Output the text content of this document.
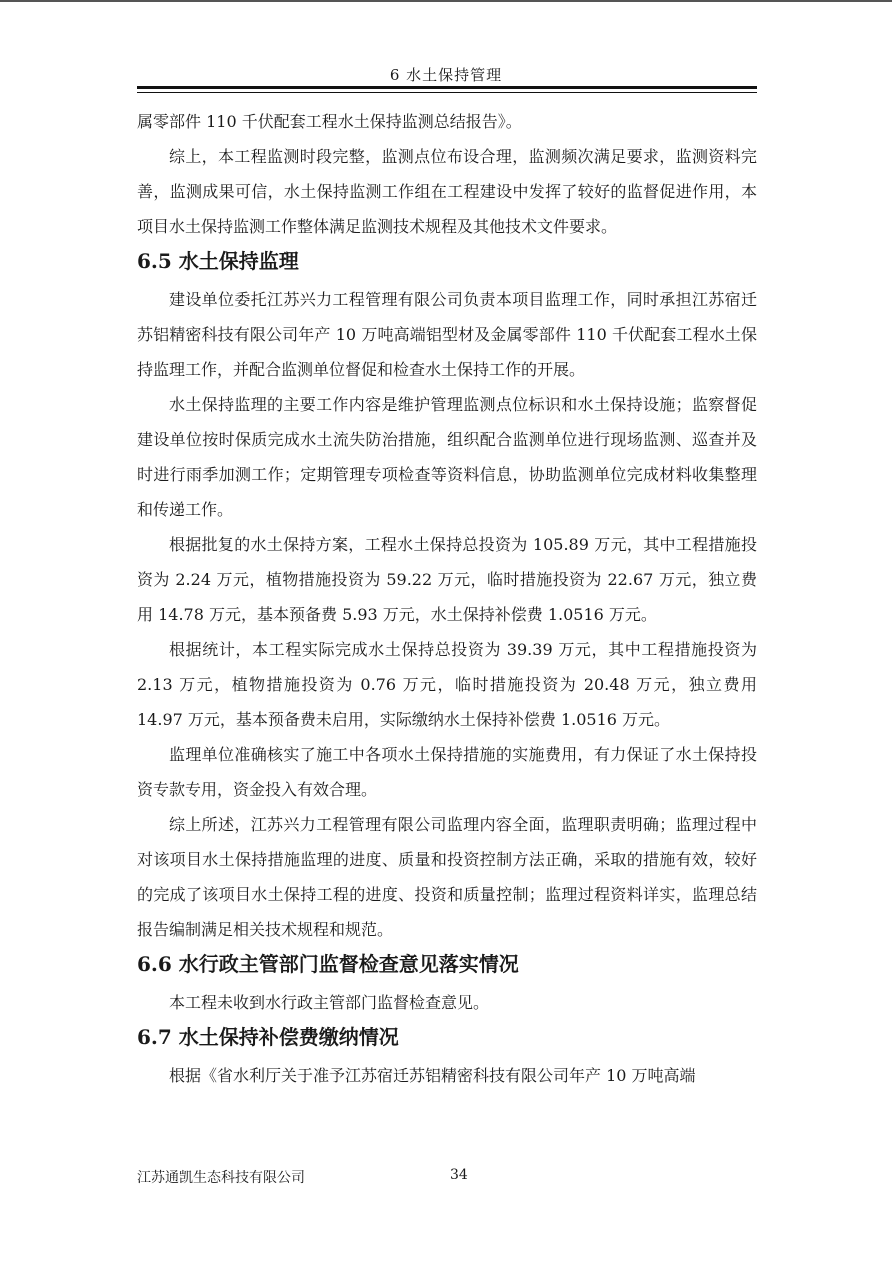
6 水土保持管理

属零部件 110 千伏配套工程水土保持监测总结报告》。

综上，本工程监测时段完整，监测点位布设合理，监测频次满足要求，监测资料完善，监测成果可信，水土保持监测工作组在工程建设中发挥了较好的监督促进作用，本项目水土保持监测工作整体满足监测技术规程及其他技术文件要求。

6.5 水土保持监理

建设单位委托江苏兴力工程管理有限公司负责本项目监理工作，同时承担江苏宿迁苏铝精密科技有限公司年产 10 万吨高端铝型材及金属零部件 110 千伏配套工程水土保持监理工作，并配合监测单位督促和检查水土保持工作的开展。

水土保持监理的主要工作内容是维护管理监测点位标识和水土保持设施；监察督促建设单位按时保质完成水土流失防治措施，组织配合监测单位进行现场监测、巡查并及时进行雨季加测工作；定期管理专项检查等资料信息，协助监测单位完成材料收集整理和传递工作。

根据批复的水土保持方案，工程水土保持总投资为 105.89 万元，其中工程措施投资为 2.24 万元，植物措施投资为 59.22 万元，临时措施投资为 22.67 万元，独立费用 14.78 万元，基本预备费 5.93 万元，水土保持补偿费 1.0516 万元。

根据统计，本工程实际完成水土保持总投资为 39.39 万元，其中工程措施投资为 2.13 万元，植物措施投资为 0.76 万元，临时措施投资为 20.48 万元，独立费用 14.97 万元，基本预备费未启用，实际缴纳水土保持补偿费 1.0516 万元。

监理单位准确核实了施工中各项水土保持措施的实施费用，有力保证了水土保持投资专款专用，资金投入有效合理。

综上所述，江苏兴力工程管理有限公司监理内容全面，监理职责明确；监理过程中对该项目水土保持措施监理的进度、质量和投资控制方法正确，采取的措施有效，较好的完成了该项目水土保持工程的进度、投资和质量控制；监理过程资料详实，监理总结报告编制满足相关技术规程和规范。

6.6 水行政主管部门监督检查意见落实情况

本工程未收到水行政主管部门监督检查意见。

6.7 水土保持补偿费缴纳情况

根据《省水利厅关于准予江苏宿迁苏铝精密科技有限公司年产 10 万吨高端

江苏通凯生态科技有限公司	34
